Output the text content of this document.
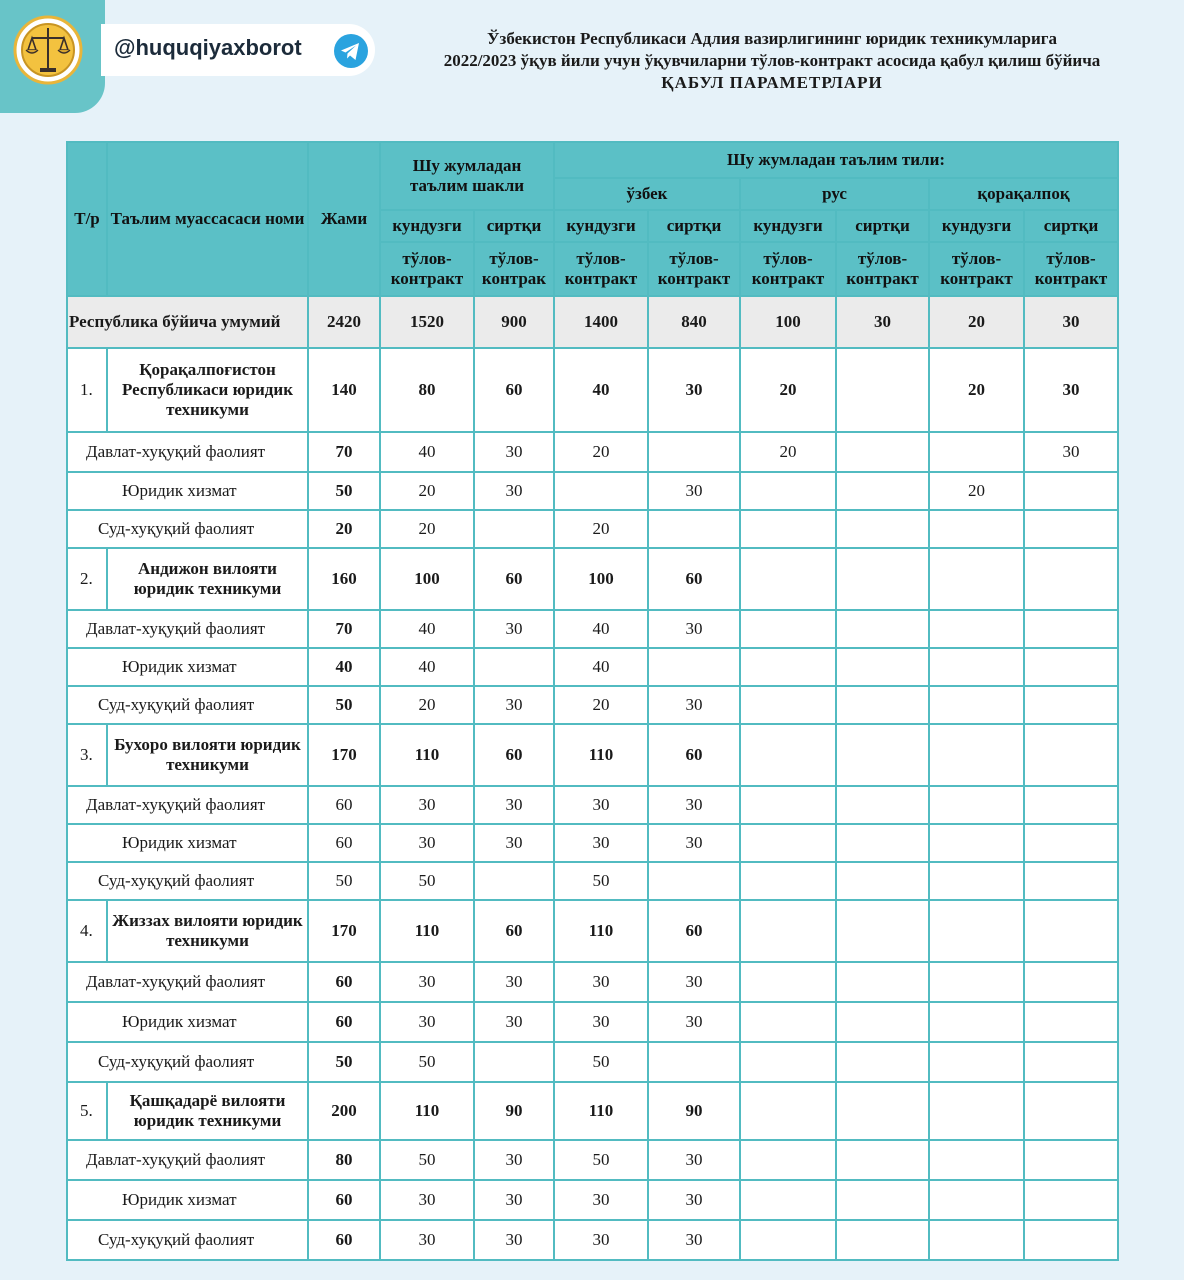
@huquqiyaxborot	Ўзбекистон Республикаси Адлия вазирлигининг юридик техникумларига
2022/2023 ўқув йили учун ўқувчиларни тўлов-контракт асосида қабул қилиш бўйича
ҚАБУЛ ПАРАМЕТРЛАРИ
Т/р	Таълим муассасаси номи	Жами	Шу жумладан таълим шакли		Шу жумладан таълим тили:					
					ўзбек		рус		қорақалпоқ	
			кундузги	сиртқи	кундузги	сиртқи	кундузги	сиртқи	кундузги	сиртқи
			тўлов-контракт	тўлов-контрак	тўлов-контракт	тўлов-контракт	тўлов-контракт	тўлов-контракт	тўлов-контракт	тўлов-контракт
Республика бўйича умумий		2420	1520	900	1400	840	100	30	20	30
1.	Қорақалпоғистон Республикаси юридик техникуми	140	80	60	40	30	20		20	30
Давлат-хуқуқий фаолият		70	40	30	20		20			30
Юридик хизмат		50	20	30		30			20	
Суд-хуқуқий фаолият		20	20		20					
2.	Андижон вилояти юридик техникуми	160	100	60	100	60				
Давлат-хуқуқий фаолият		70	40	30	40	30				
Юридик хизмат		40	40		40					
Суд-хуқуқий фаолият		50	20	30	20	30				
3.	Бухоро вилояти юридик техникуми	170	110	60	110	60				
Давлат-хуқуқий фаолият		60	30	30	30	30				
Юридик хизмат		60	30	30	30	30				
Суд-хуқуқий фаолият		50	50		50					
4.	Жиззах вилояти юридик техникуми	170	110	60	110	60				
Давлат-хуқуқий фаолият		60	30	30	30	30				
Юридик хизмат		60	30	30	30	30				
Суд-хуқуқий фаолият		50	50		50					
5.	Қашқадарё вилояти юридик техникуми	200	110	90	110	90				
Давлат-хуқуқий фаолият		80	50	30	50	30				
Юридик хизмат		60	30	30	30	30				
Суд-хуқуқий фаолият		60	30	30	30	30				
